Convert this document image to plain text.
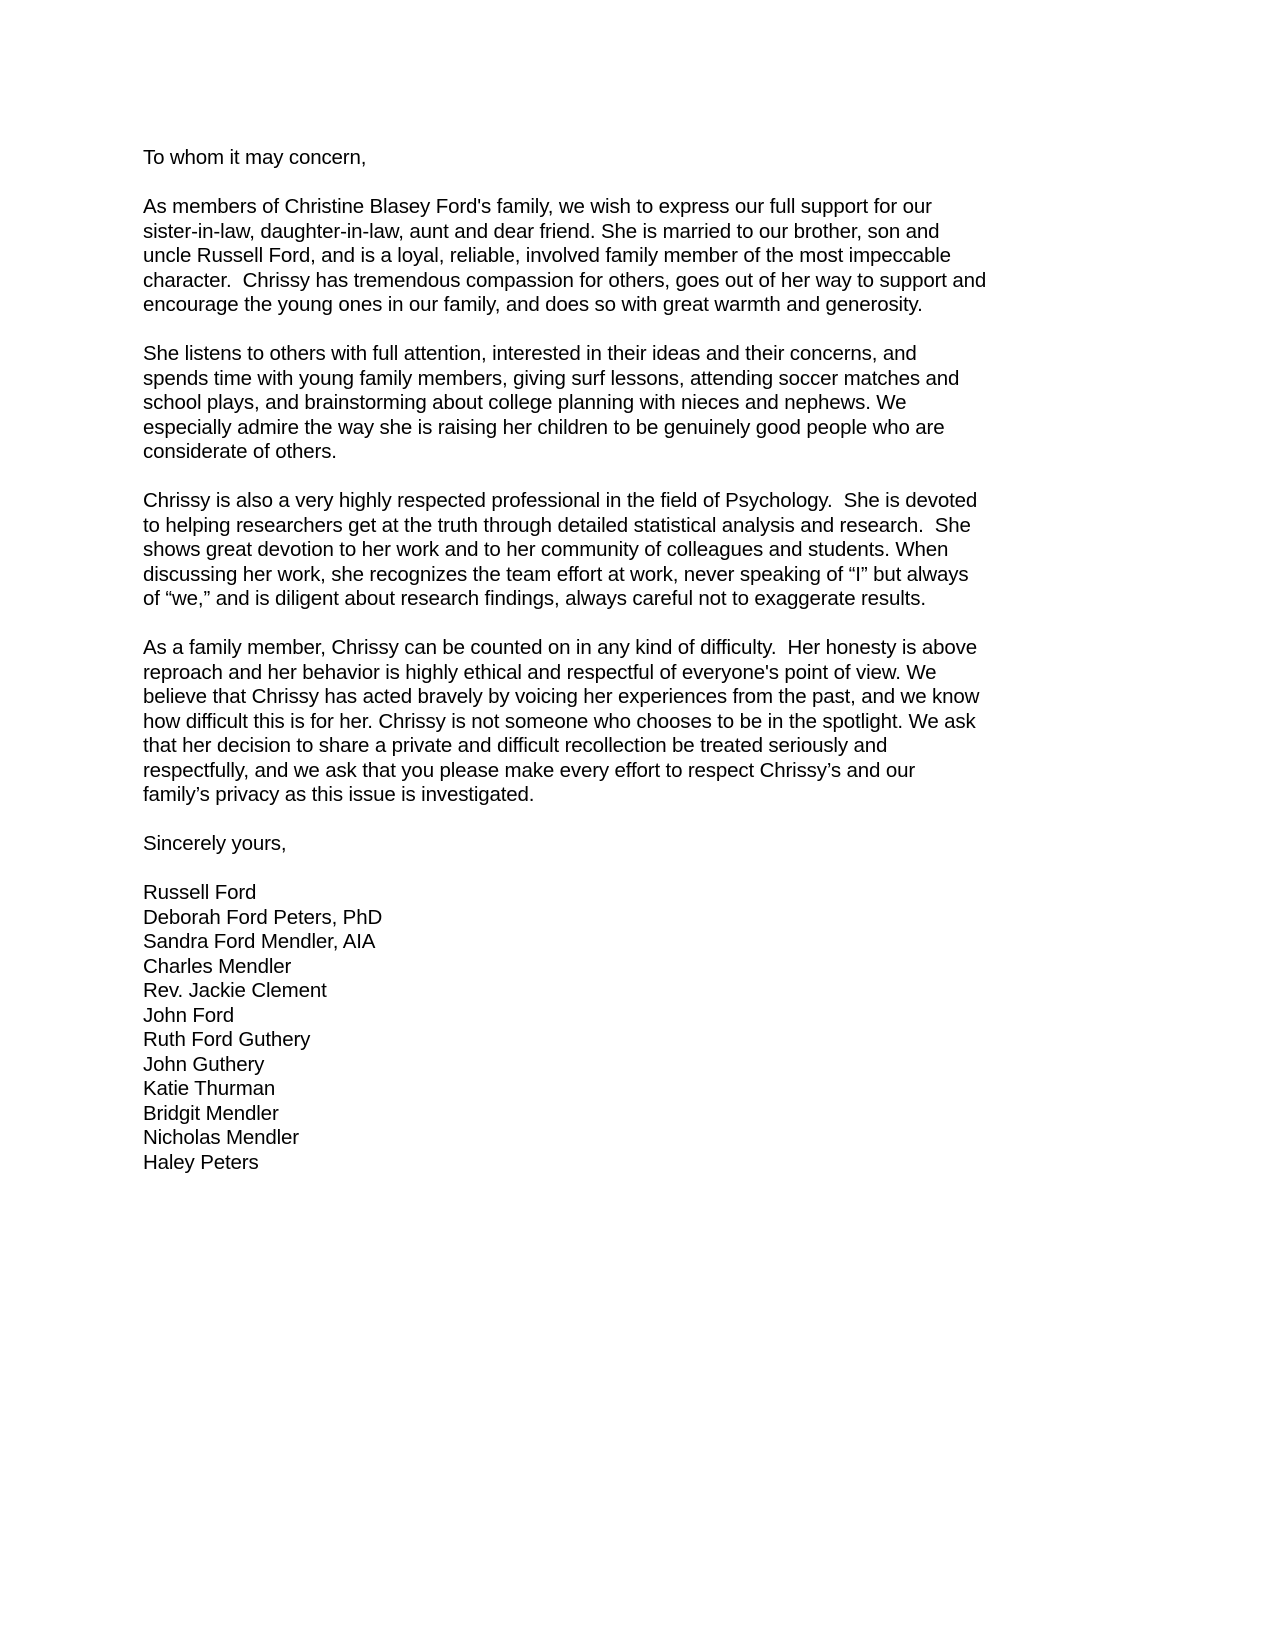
To whom it may concern,
As members of Christine Blasey Ford's family, we wish to express our full support for our
sister-in-law, daughter-in-law, aunt and dear friend. She is married to our brother, son and
uncle Russell Ford, and is a loyal, reliable, involved family member of the most impeccable
character.  Chrissy has tremendous compassion for others, goes out of her way to support and
encourage the young ones in our family, and does so with great warmth and generosity.
She listens to others with full attention, interested in their ideas and their concerns, and
spends time with young family members, giving surf lessons, attending soccer matches and
school plays, and brainstorming about college planning with nieces and nephews. We
especially admire the way she is raising her children to be genuinely good people who are
considerate of others.
Chrissy is also a very highly respected professional in the field of Psychology.  She is devoted
to helping researchers get at the truth through detailed statistical analysis and research.  She
shows great devotion to her work and to her community of colleagues and students. When
discussing her work, she recognizes the team effort at work, never speaking of “I” but always
of “we,” and is diligent about research findings, always careful not to exaggerate results.
As a family member, Chrissy can be counted on in any kind of difficulty.  Her honesty is above
reproach and her behavior is highly ethical and respectful of everyone's point of view. We
believe that Chrissy has acted bravely by voicing her experiences from the past, and we know
how difficult this is for her. Chrissy is not someone who chooses to be in the spotlight. We ask
that her decision to share a private and difficult recollection be treated seriously and
respectfully, and we ask that you please make every effort to respect Chrissy’s and our
family’s privacy as this issue is investigated.
Sincerely yours,
Russell Ford
Deborah Ford Peters, PhD
Sandra Ford Mendler, AIA
Charles Mendler
Rev. Jackie Clement
John Ford
Ruth Ford Guthery
John Guthery
Katie Thurman
Bridgit Mendler
Nicholas Mendler
Haley Peters
